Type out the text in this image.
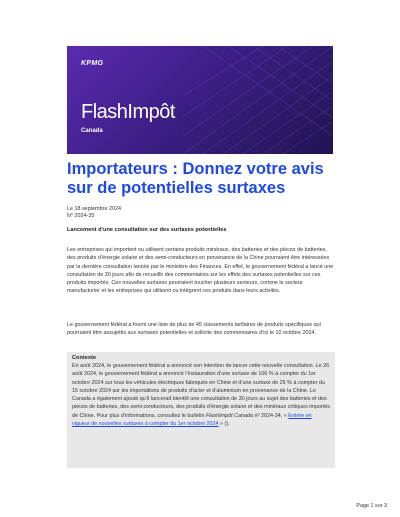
KPMG
FlashImpôt
Canada
Importateurs : Donnez votre avis sur de potentielles surtaxes
Le 18 septembre 2024
N° 2024-35
Lancement d’une consultation sur des surtaxes potentielles

Les entreprises qui importent ou utilisent certains produits minéraux, des batteries et des pièces de batteries, des produits d’énergie solaire et des semi-conducteurs en provenance de la Chine pourraient être intéressées par la dernière consultation lancée par le ministère des Finances. En effet, le gouvernement fédéral a lancé une consultation de 30 jours afin de recueillir des commentaires sur les effets des surtaxes potentielles sur ces produits importés. Ces nouvelles surtaxes pourraient toucher plusieurs secteurs, comme le secteur manufacturier et les entreprises qui utilisent ou intègrent ces produits dans leurs activités.

Le gouvernement fédéral a fourni une liste de plus de 45 classements tarifaires de produits spécifiques qui pourraient être assujettis aux surtaxes potentielles et sollicite des commentaires d’ici le 10 octobre 2024.

Contexte

En août 2024, le gouvernement fédéral a annoncé son intention de lancer cette nouvelle consultation. Le 26 août 2024, le gouvernement fédéral a annoncé l’instauration d’une surtaxe de 100 % à compter du 1er octobre 2024 sur tous les véhicules électriques fabriqués en Chine et d’une surtaxe de 25 % à compter du 15 octobre 2024 sur les importations de produits d’acier et d’aluminium en provenance de la Chine. Le Canada a également ajouté qu’il lancerait bientôt une consultation de 30 jours au sujet des batteries et des pièces de batteries, des semi-conducteurs, des produits d’énergie solaire et des minéraux critiques importés de Chine. Pour plus d’informations, consultez le bulletin FlashImpôt Canada nº 2024-34, « Entrée en vigueur de nouvelles surtaxes à compter du 1er octobre 2024 » ().

Page 1 sur 3
